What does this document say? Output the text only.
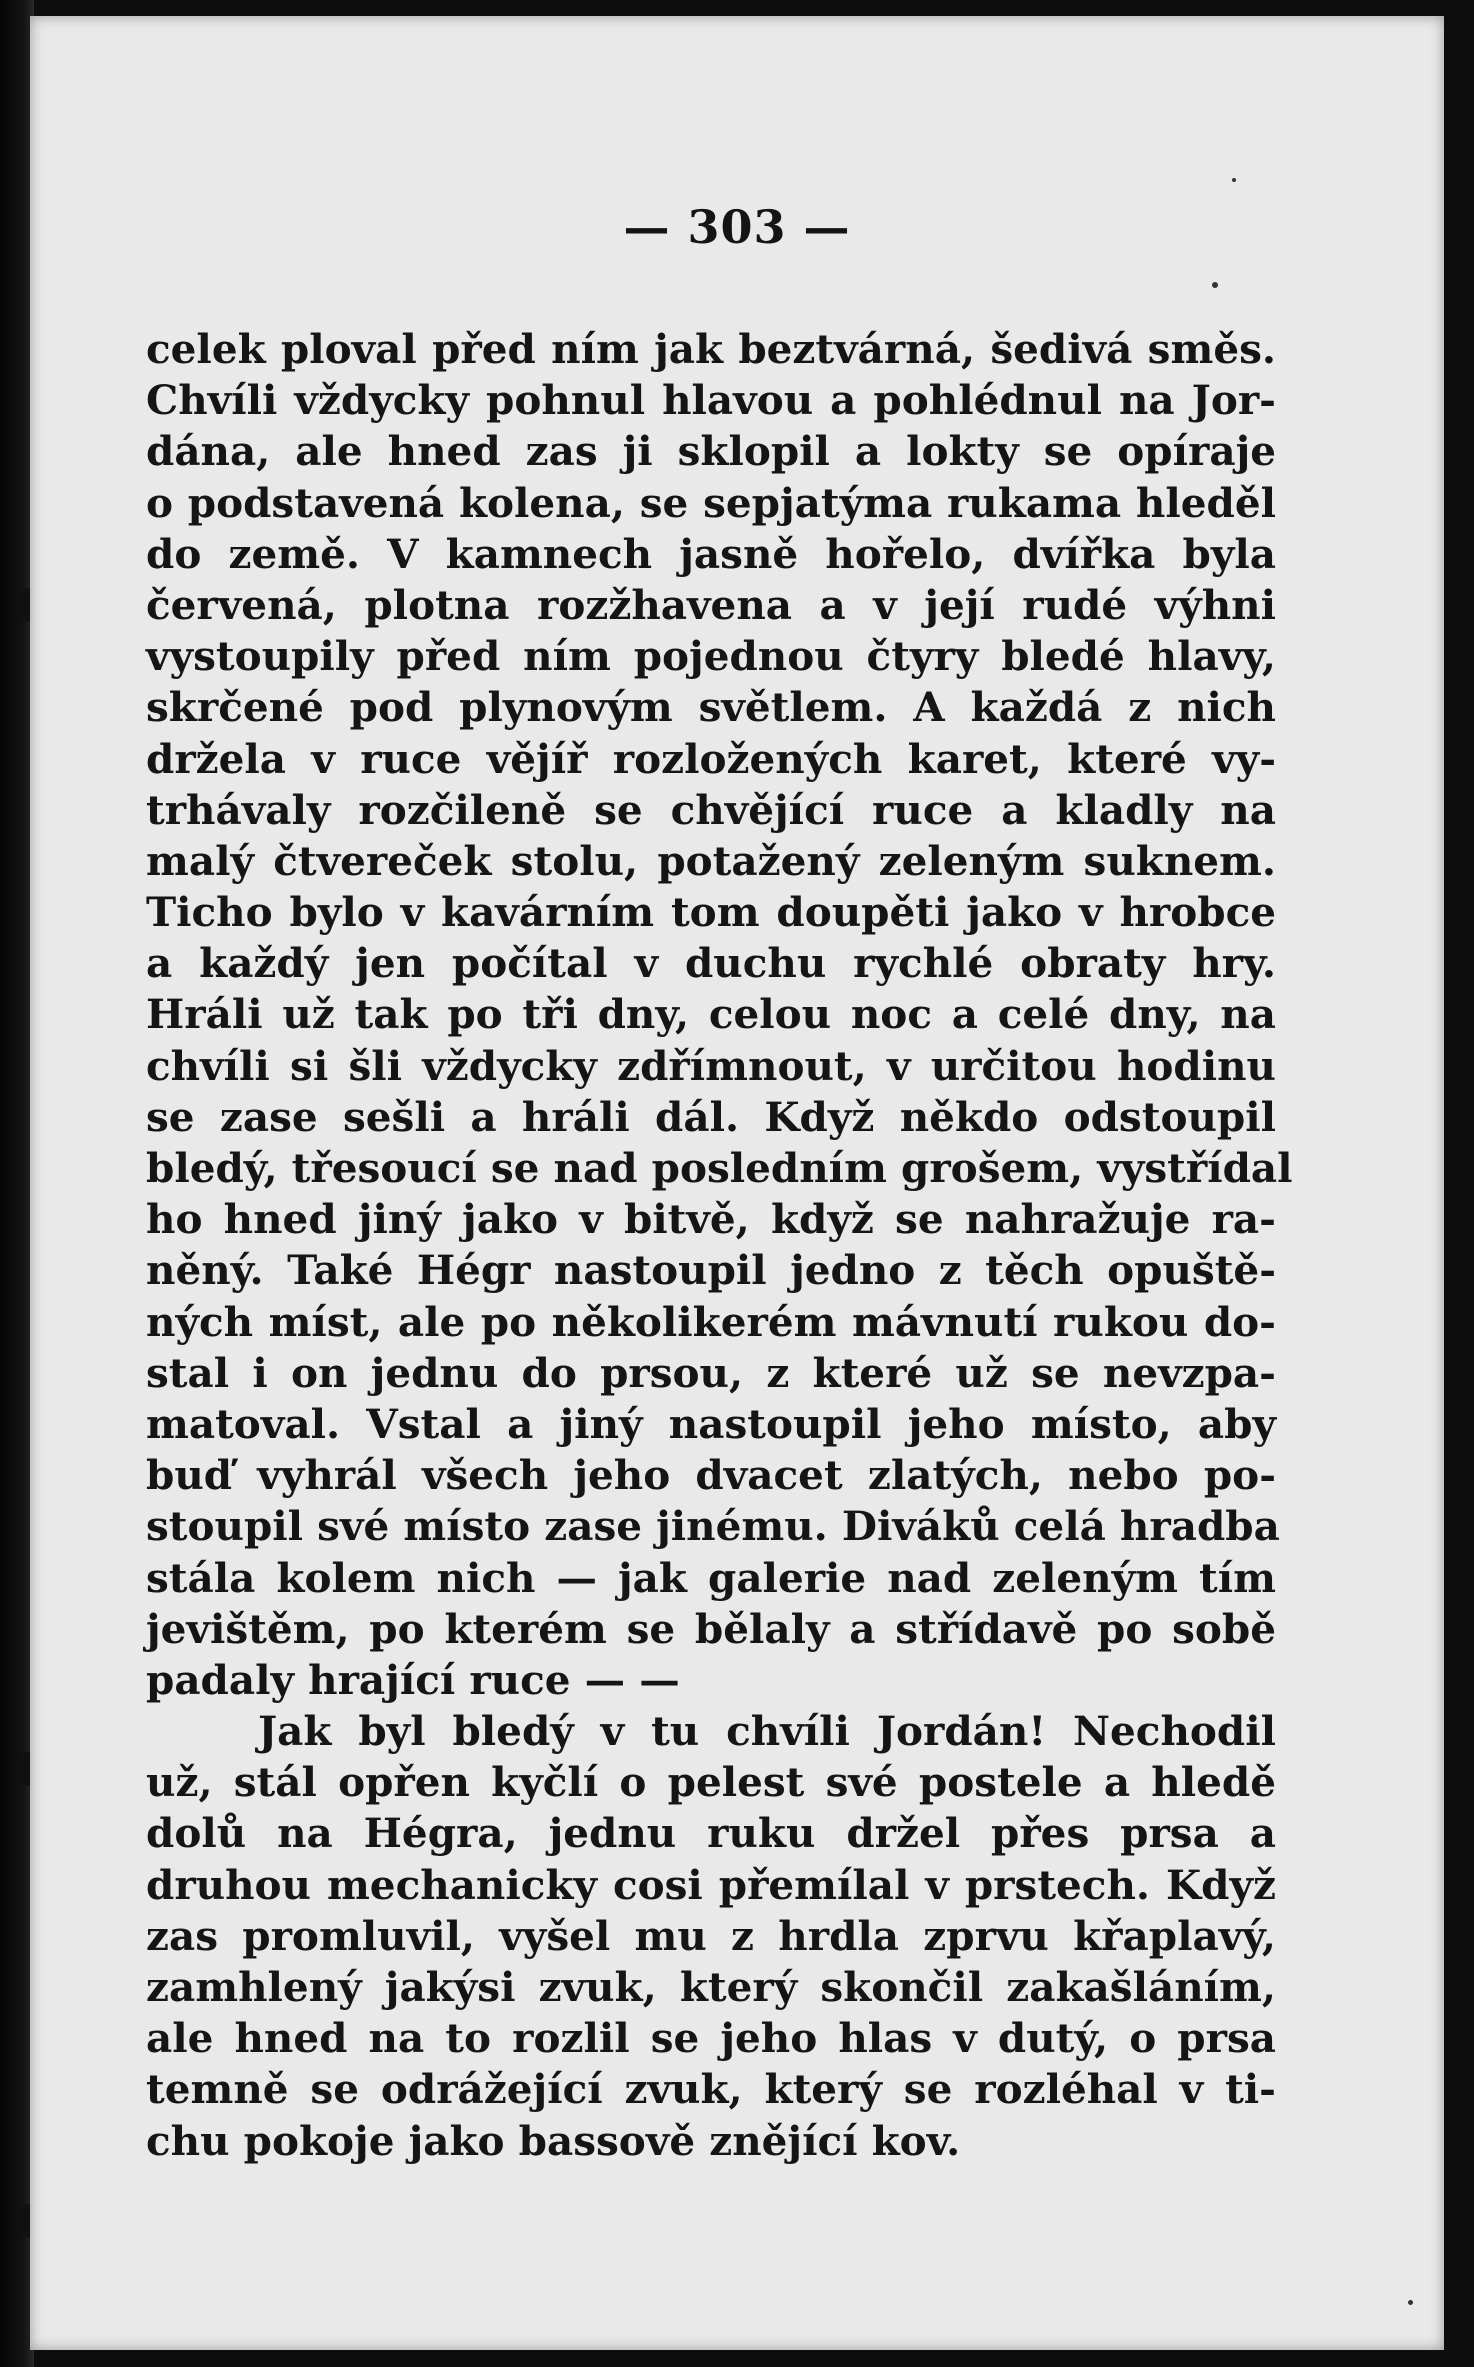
— 303 —
celek ploval před ním jak beztvárná, šedivá směs.
Chvíli vždycky pohnul hlavou a pohlédnul na Jor-
dána, ale hned zas ji sklopil a lokty se opíraje
o podstavená kolena, se sepjatýma rukama hleděl
do země. V kamnech jasně hořelo, dvířka byla
červená, plotna rozžhavena a v její rudé výhni
vystoupily před ním pojednou čtyry bledé hlavy,
skrčené pod plynovým světlem. A každá z nich
držela v ruce vějíř rozložených karet, které vy-
trhávaly rozčileně se chvějící ruce a kladly na
malý čtvereček stolu, potažený zeleným suknem.
Ticho bylo v kavárním tom doupěti jako v hrobce
a každý jen počítal v duchu rychlé obraty hry.
Hráli už tak po tři dny, celou noc a celé dny, na
chvíli si šli vždycky zdřímnout, v určitou hodinu
se zase sešli a hráli dál. Když někdo odstoupil
bledý, třesoucí se nad posledním grošem, vystřídal
ho hned jiný jako v bitvě, když se nahražuje ra-
něný. Také Hégr nastoupil jedno z těch opuště-
ných míst, ale po několikerém mávnutí rukou do-
stal i on jednu do prsou, z které už se nevzpa-
matoval. Vstal a jiný nastoupil jeho místo, aby
buď vyhrál všech jeho dvacet zlatých, nebo po-
stoupil své místo zase jinému. Diváků celá hradba
stála kolem nich — jak galerie nad zeleným tím
jevištěm, po kterém se bělaly a střídavě po sobě
padaly hrající ruce — —
Jak byl bledý v tu chvíli Jordán! Nechodil
už, stál opřen kyčlí o pelest své postele a hledě
dolů na Hégra, jednu ruku držel přes prsa a
druhou mechanicky cosi přemílal v prstech. Když
zas promluvil, vyšel mu z hrdla zprvu křaplavý,
zamhlený jakýsi zvuk, který skončil zakašláním,
ale hned na to rozlil se jeho hlas v dutý, o prsa
temně se odrážející zvuk, který se rozléhal v ti-
chu pokoje jako bassově znějící kov.
